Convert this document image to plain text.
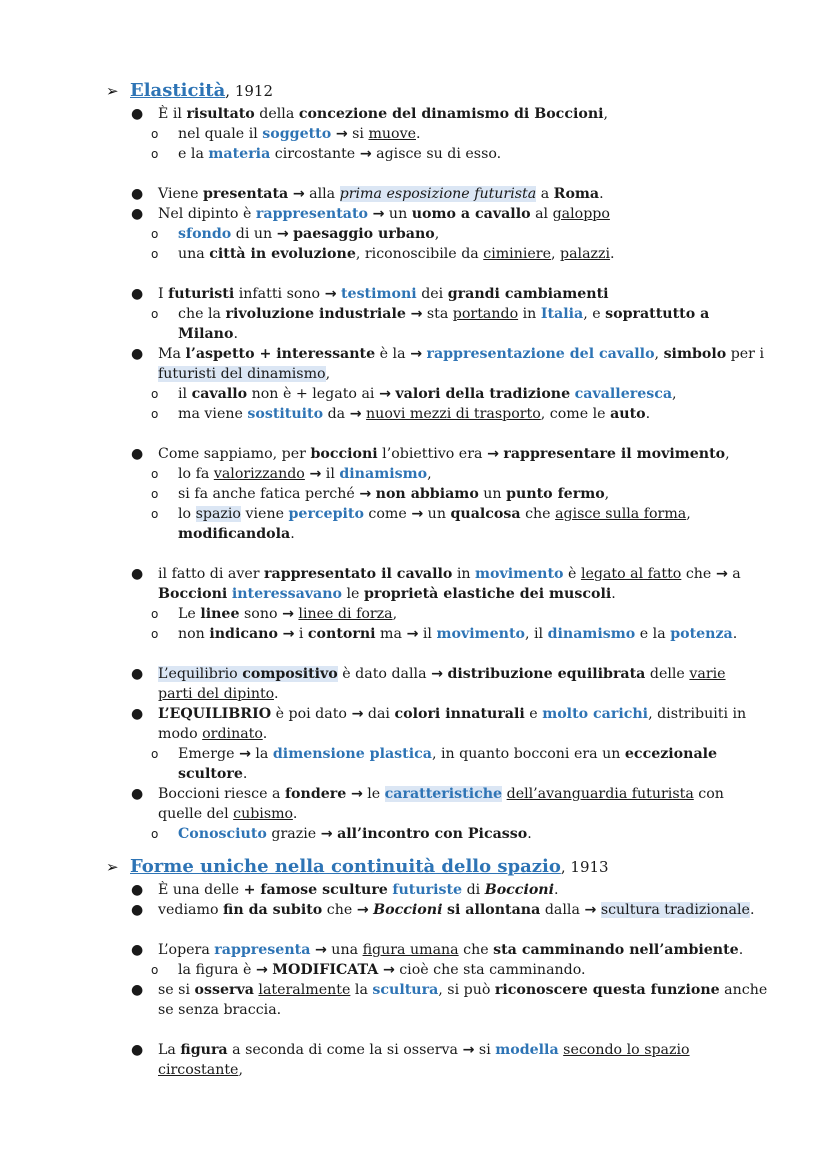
➢ Elasticità, 1912
● È il risultato della concezione del dinamismo di Boccioni,
o nel quale il soggetto → si muove.
o e la materia circostante → agisce su di esso.
● Viene presentata → alla prima esposizione futurista a Roma.
● Nel dipinto è rappresentato → un uomo a cavallo al galoppo
o sfondo di un → paesaggio urbano,
o una città in evoluzione, riconoscibile da ciminiere, palazzi.
● I futuristi infatti sono → testimoni dei grandi cambiamenti
o che la rivoluzione industriale → sta portando in Italia, e soprattutto a
Milano.
● Ma l’aspetto + interessante è la → rappresentazione del cavallo, simbolo per i
futuristi del dinamismo,
o il cavallo non è + legato ai → valori della tradizione cavalleresca,
o ma viene sostituito da → nuovi mezzi di trasporto, come le auto.
● Come sappiamo, per boccioni l’obiettivo era → rappresentare il movimento,
o lo fa valorizzando → il dinamismo,
o si fa anche fatica perché → non abbiamo un punto fermo,
o lo spazio viene percepito come → un qualcosa che agisce sulla forma,
modificandola.
● il fatto di aver rappresentato il cavallo in movimento è legato al fatto che → a
Boccioni interessavano le proprietà elastiche dei muscoli.
o Le linee sono → linee di forza,
o non indicano → i contorni ma → il movimento, il dinamismo e la potenza.
● L’equilibrio compositivo è dato dalla → distribuzione equilibrata delle varie
parti del dipinto.
● L’EQUILIBRIO è poi dato → dai colori innaturali e molto carichi, distribuiti in
modo ordinato.
o Emerge → la dimensione plastica, in quanto bocconi era un eccezionale
scultore.
● Boccioni riesce a fondere → le caratteristiche dell’avanguardia futurista con
quelle del cubismo.
o Conosciuto grazie → all’incontro con Picasso.
➢ Forme uniche nella continuità dello spazio, 1913
● È una delle + famose sculture futuriste di Boccioni.
● vediamo fin da subito che → Boccioni si allontana dalla → scultura tradizionale.
● L’opera rappresenta → una figura umana che sta camminando nell’ambiente.
o la figura è → MODIFICATA → cioè che sta camminando.
● se si osserva lateralmente la scultura, si può riconoscere questa funzione anche
se senza braccia.
● La figura a seconda di come la si osserva → si modella secondo lo spazio
circostante,
